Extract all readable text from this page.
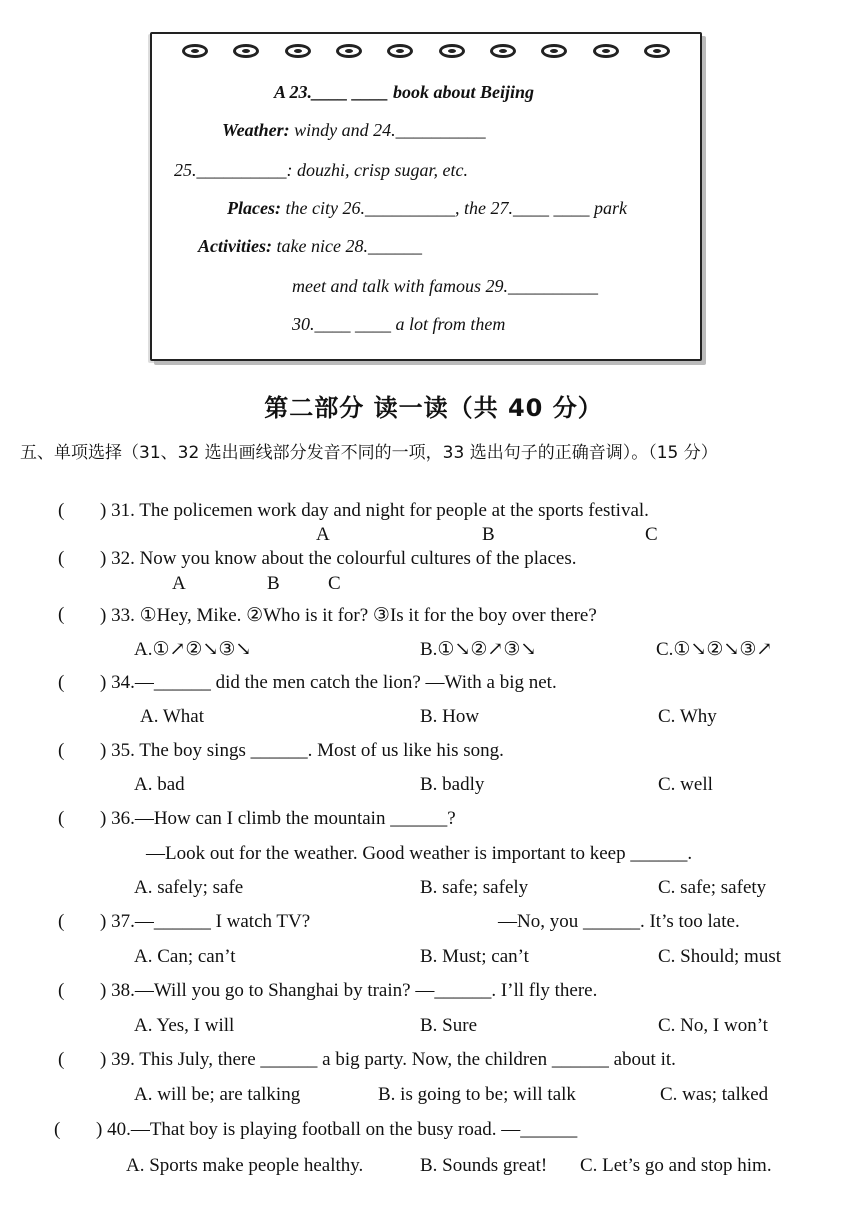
A 23.____ ____ book about Beijing
Weather: windy and 24.__________
25.__________: douzhi, crisp sugar, etc.
Places: the city 26.__________, the 27.____ ____ park
Activities: take nice 28.______
meet and talk with famous 29.__________
30.____ ____ a lot from them
第二部分 读一读（共 40 分）
五、单项选择（31、32 选出画线部分发音不同的一项，33 选出句子的正确音调）。（15 分）
( ) 31. The policemen work day and night for people at the sports festival.
A	B	C
( ) 32. Now you know about the colourful cultures of the places.
A	B	C
( ) 33. ①Hey, Mike. ②Who is it for? ③Is it for the boy over there?
A.①↗②↘③↘	B.①↘②↗③↘	C.①↘②↘③↗
( ) 34.—______ did the men catch the lion? —With a big net.
A. What	B. How	C. Why
( ) 35. The boy sings ______. Most of us like his song.
A. bad	B. badly	C. well
( ) 36.—How can I climb the mountain ______?
—Look out for the weather. Good weather is important to keep ______.
A. safely; safe	B. safe; safely	C. safe; safety
( ) 37.—______ I watch TV?	—No, you ______. It’s too late.
A. Can; can’t	B. Must; can’t	C. Should; must
( ) 38.—Will you go to Shanghai by train? —______. I’ll fly there.
A. Yes, I will	B. Sure	C. No, I won’t
( ) 39. This July, there ______ a big party. Now, the children ______ about it.
A. will be; are talking	B. is going to be; will talk	C. was; talked
( ) 40.—That boy is playing football on the busy road. —______
A. Sports make people healthy.	B. Sounds great! C. Let’s go and stop him.
